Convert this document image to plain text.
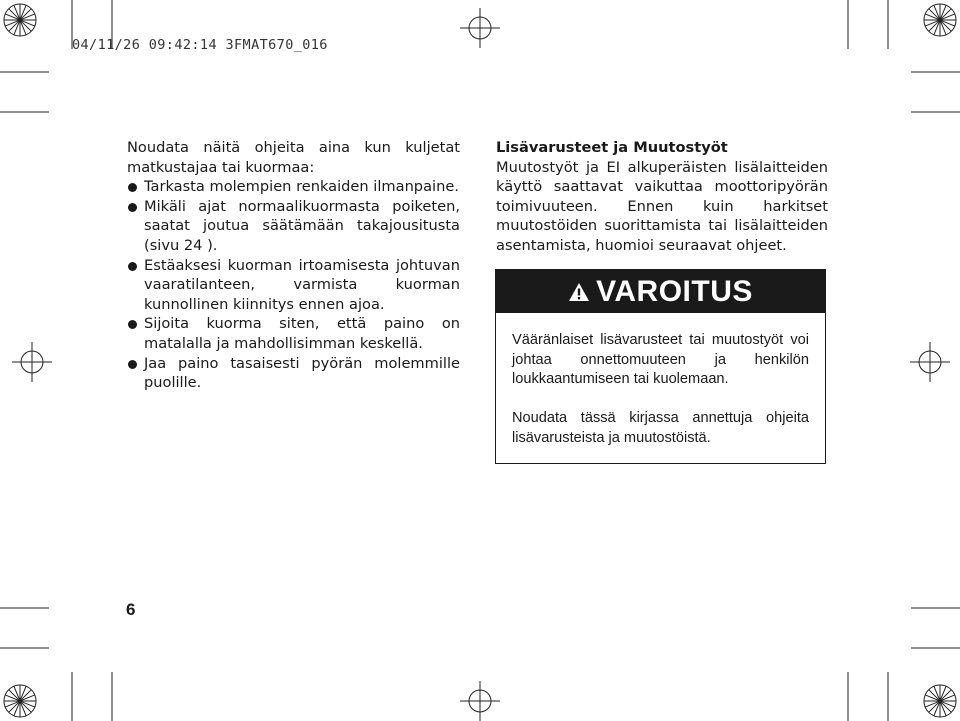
04/11/26 09:42:14 3FMAT670_016

Noudata näitä ohjeita aina kun kuljetat matkustajaa tai kuormaa:

Tarkasta molempien renkaiden ilmanpaine.
Mikäli ajat normaalikuormasta poiketen, saatat joutua säätämään takajousitusta (sivu 24 ).
Estäaksesi kuorman irtoamisesta johtuvan vaaratilanteen, varmista kuorman kunnollinen kiinnitys ennen ajoa.
Sijoita kuorma siten, että paino on matalalla ja mahdollisimman keskellä.
Jaa paino tasaisesti pyörän molemmille puolille.
Lisävarusteet ja Muutostyöt

Muutostyöt ja EI alkuperäisten lisälaitteiden käyttö saattavat vaikuttaa moottoripyörän toimivuuteen. Ennen kuin harkitset muutostöiden suorittamista tai lisälaitteiden asentamista, huomioi seuraavat ohjeet.

VAROITUS
Vääränlaiset lisävarusteet tai muutostyöt voi johtaa onnettomuuteen ja henkilön loukkaantumiseen tai kuolemaan.
Noudata tässä kirjassa annettuja ohjeita lisävarusteista ja muutostöistä.
6
